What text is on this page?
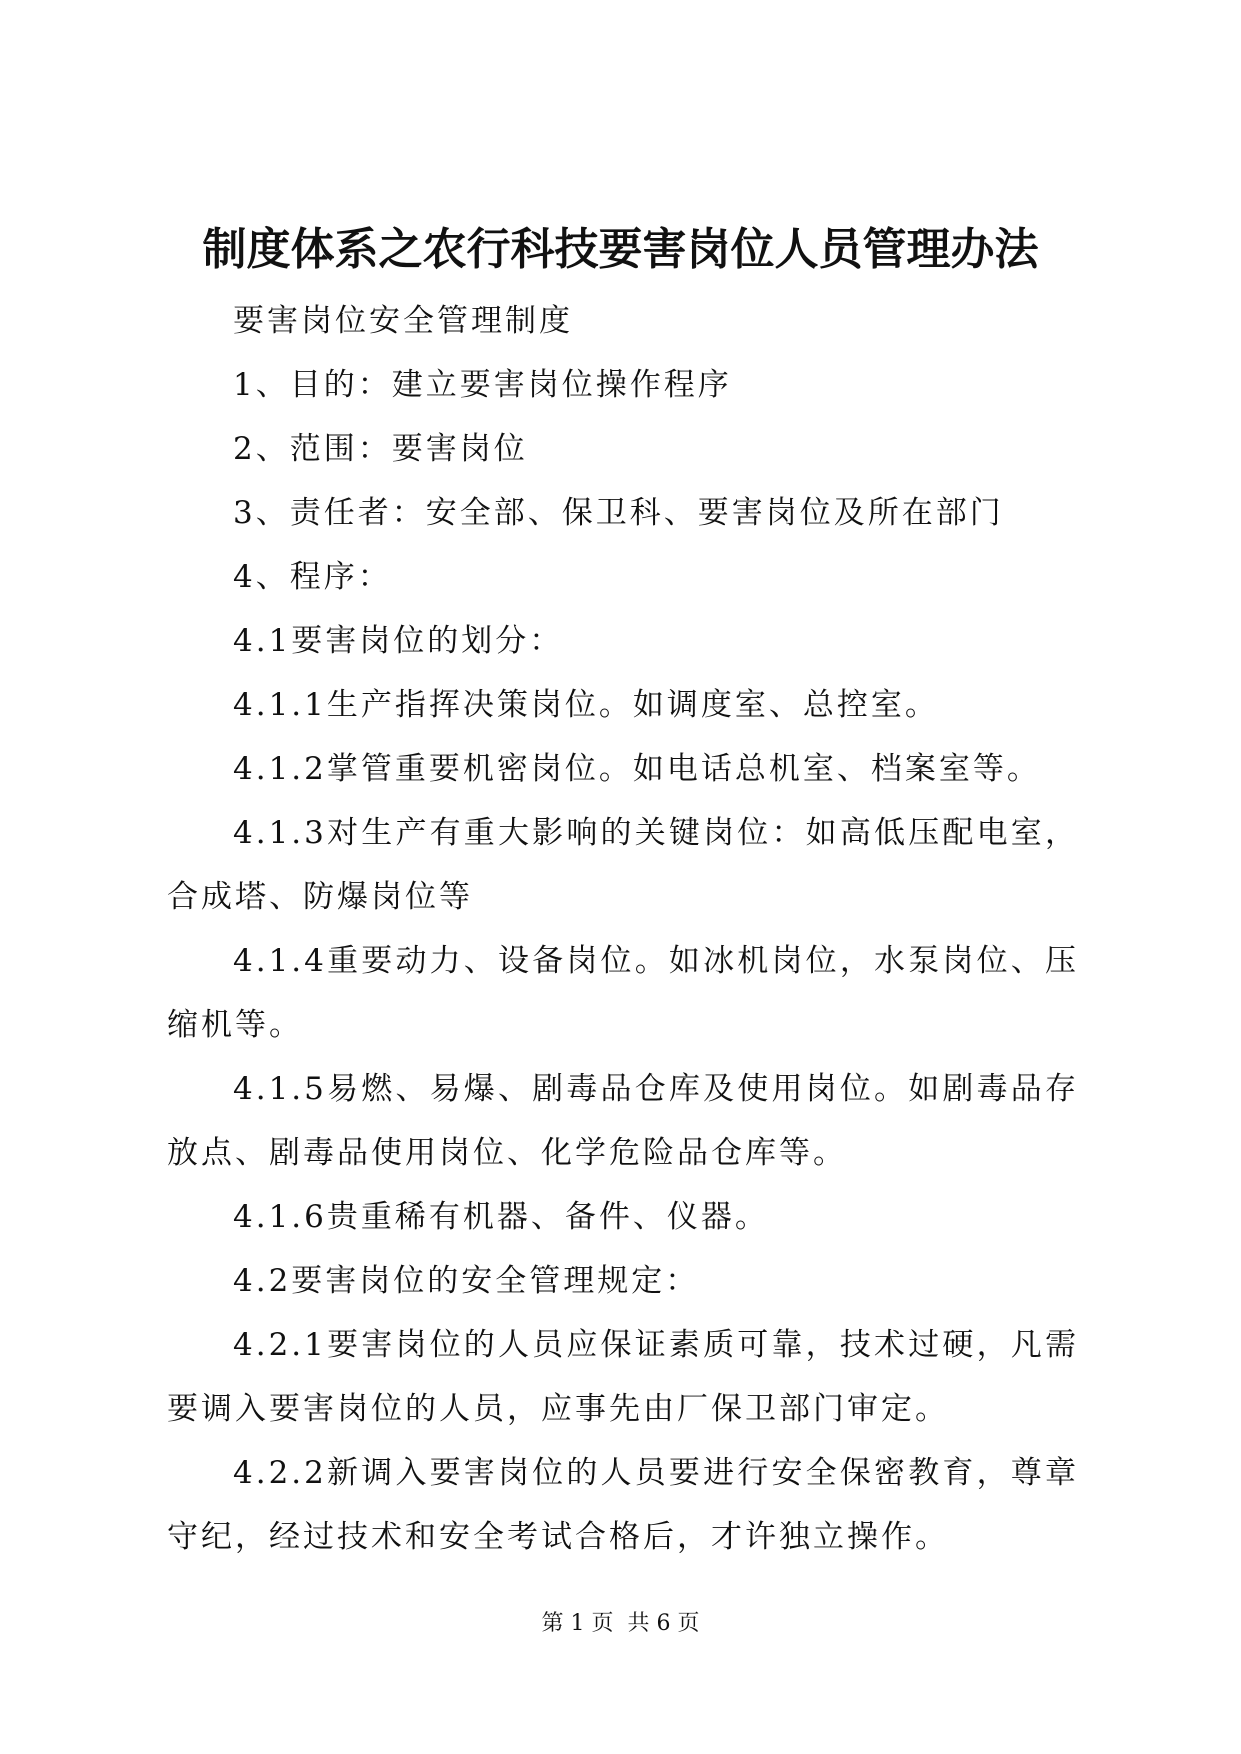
制度体系之农行科技要害岗位人员管理办法

要害岗位安全管理制度

1、目的：建立要害岗位操作程序

2、范围：要害岗位

3、责任者：安全部、保卫科、要害岗位及所在部门

4、程序：

4.1要害岗位的划分：

4.1.1生产指挥决策岗位。如调度室、总控室。

4.1.2掌管重要机密岗位。如电话总机室、档案室等。

4.1.3对生产有重大影响的关键岗位：如高低压配电室，合成塔、防爆岗位等

4.1.4重要动力、设备岗位。如冰机岗位，水泵岗位、压缩机等。

4.1.5易燃、易爆、剧毒品仓库及使用岗位。如剧毒品存放点、剧毒品使用岗位、化学危险品仓库等。

4.1.6贵重稀有机器、备件、仪器。

4.2要害岗位的安全管理规定：

4.2.1要害岗位的人员应保证素质可靠，技术过硬，凡需要调入要害岗位的人员，应事先由厂保卫部门审定。

4.2.2新调入要害岗位的人员要进行安全保密教育，尊章守纪，经过技术和安全考试合格后，才许独立操作。

第 1 页  共 6 页
